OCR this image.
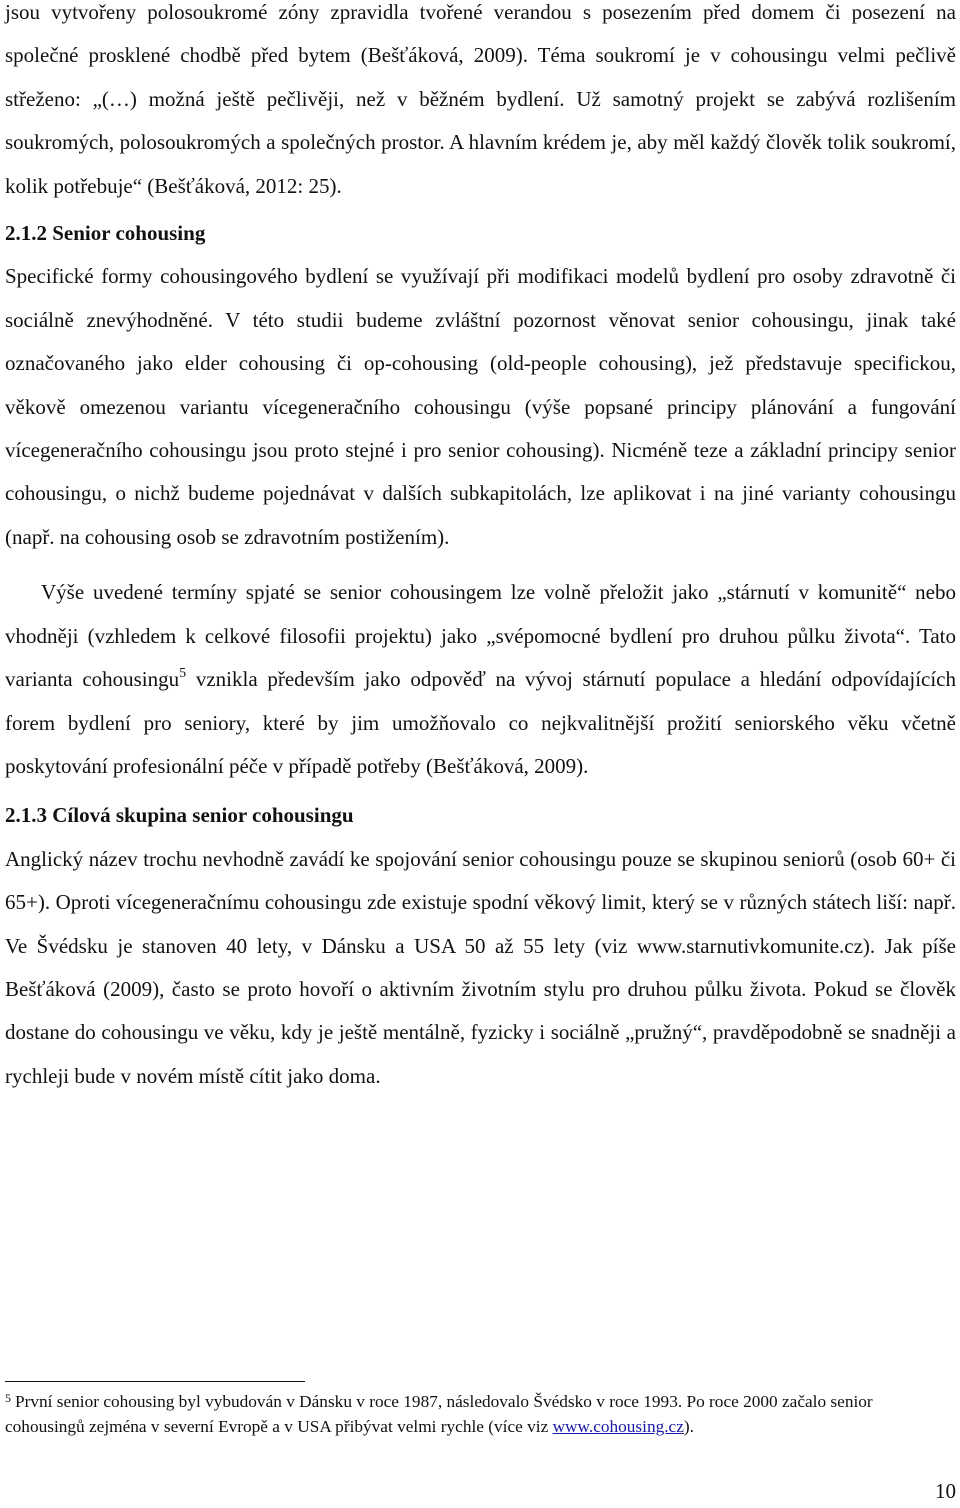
jsou vytvořeny polosoukromé zóny zpravidla tvořené verandou s posezením před domem či posezení na společné prosklené chodbě před bytem (Bešťáková, 2009). Téma soukromí je v cohousingu velmi pečlivě střeženo: „(…) možná ještě pečlivěji, než v běžném bydlení. Už samotný projekt se zabývá rozlišením soukromých, polosoukromých a společných prostor. A hlavním krédem je, aby měl každý člověk tolik soukromí, kolik potřebuje“ (Bešťáková, 2012: 25).

2.1.2 Senior cohousing

Specifické formy cohousingového bydlení se využívají při modifikaci modelů bydlení pro osoby zdravotně či sociálně znevýhodněné. V této studii budeme zvláštní pozornost věnovat senior cohousingu, jinak také označovaného jako elder cohousing či op-cohousing (old-people cohousing), jež představuje specifickou, věkově omezenou variantu vícegeneračního cohousingu (výše popsané principy plánování a fungování vícegeneračního cohousingu jsou proto stejné i pro senior cohousing). Nicméně teze a základní principy senior cohousingu, o nichž budeme pojednávat v dalších subkapitolách, lze aplikovat i na jiné varianty cohousingu (např. na cohousing osob se zdravotním postižením).

Výše uvedené termíny spjaté se senior cohousingem lze volně přeložit jako „stárnutí v komunitě“ nebo vhodněji (vzhledem k celkové filosofii projektu) jako „svépomocné bydlení pro druhou půlku života“. Tato varianta cohousingu$^5$ vznikla především jako odpověď na vývoj stárnutí populace a hledání odpovídajících forem bydlení pro seniory, které by jim umožňovalo co nejkvalitnější prožití seniorského věku včetně poskytování profesionální péče v případě potřeby (Bešťáková, 2009).

2.1.3 Cílová skupina senior cohousingu

Anglický název trochu nevhodně zavádí ke spojování senior cohousingu pouze se skupinou seniorů (osob 60+ či 65+). Oproti vícegeneračnímu cohousingu zde existuje spodní věkový limit, který se v různých státech liší: např. Ve Švédsku je stanoven 40 lety, v Dánsku a USA 50 až 55 lety (viz www.starnutivkomunite.cz). Jak píše Bešťáková (2009), často se proto hovoří o aktivním životním stylu pro druhou půlku života. Pokud se člověk dostane do cohousingu ve věku, kdy je ještě mentálně, fyzicky i sociálně „pružný“, pravděpodobně se snadněji a rychleji bude v novém místě cítit jako doma.

$^5$ První senior cohousing byl vybudován v Dánsku v roce 1987, následovalo Švédsko v roce 1993. Po roce 2000 začalo senior cohousingů zejména v severní Evropě a v USA přibývat velmi rychle (více viz www.cohousing.cz).

10
